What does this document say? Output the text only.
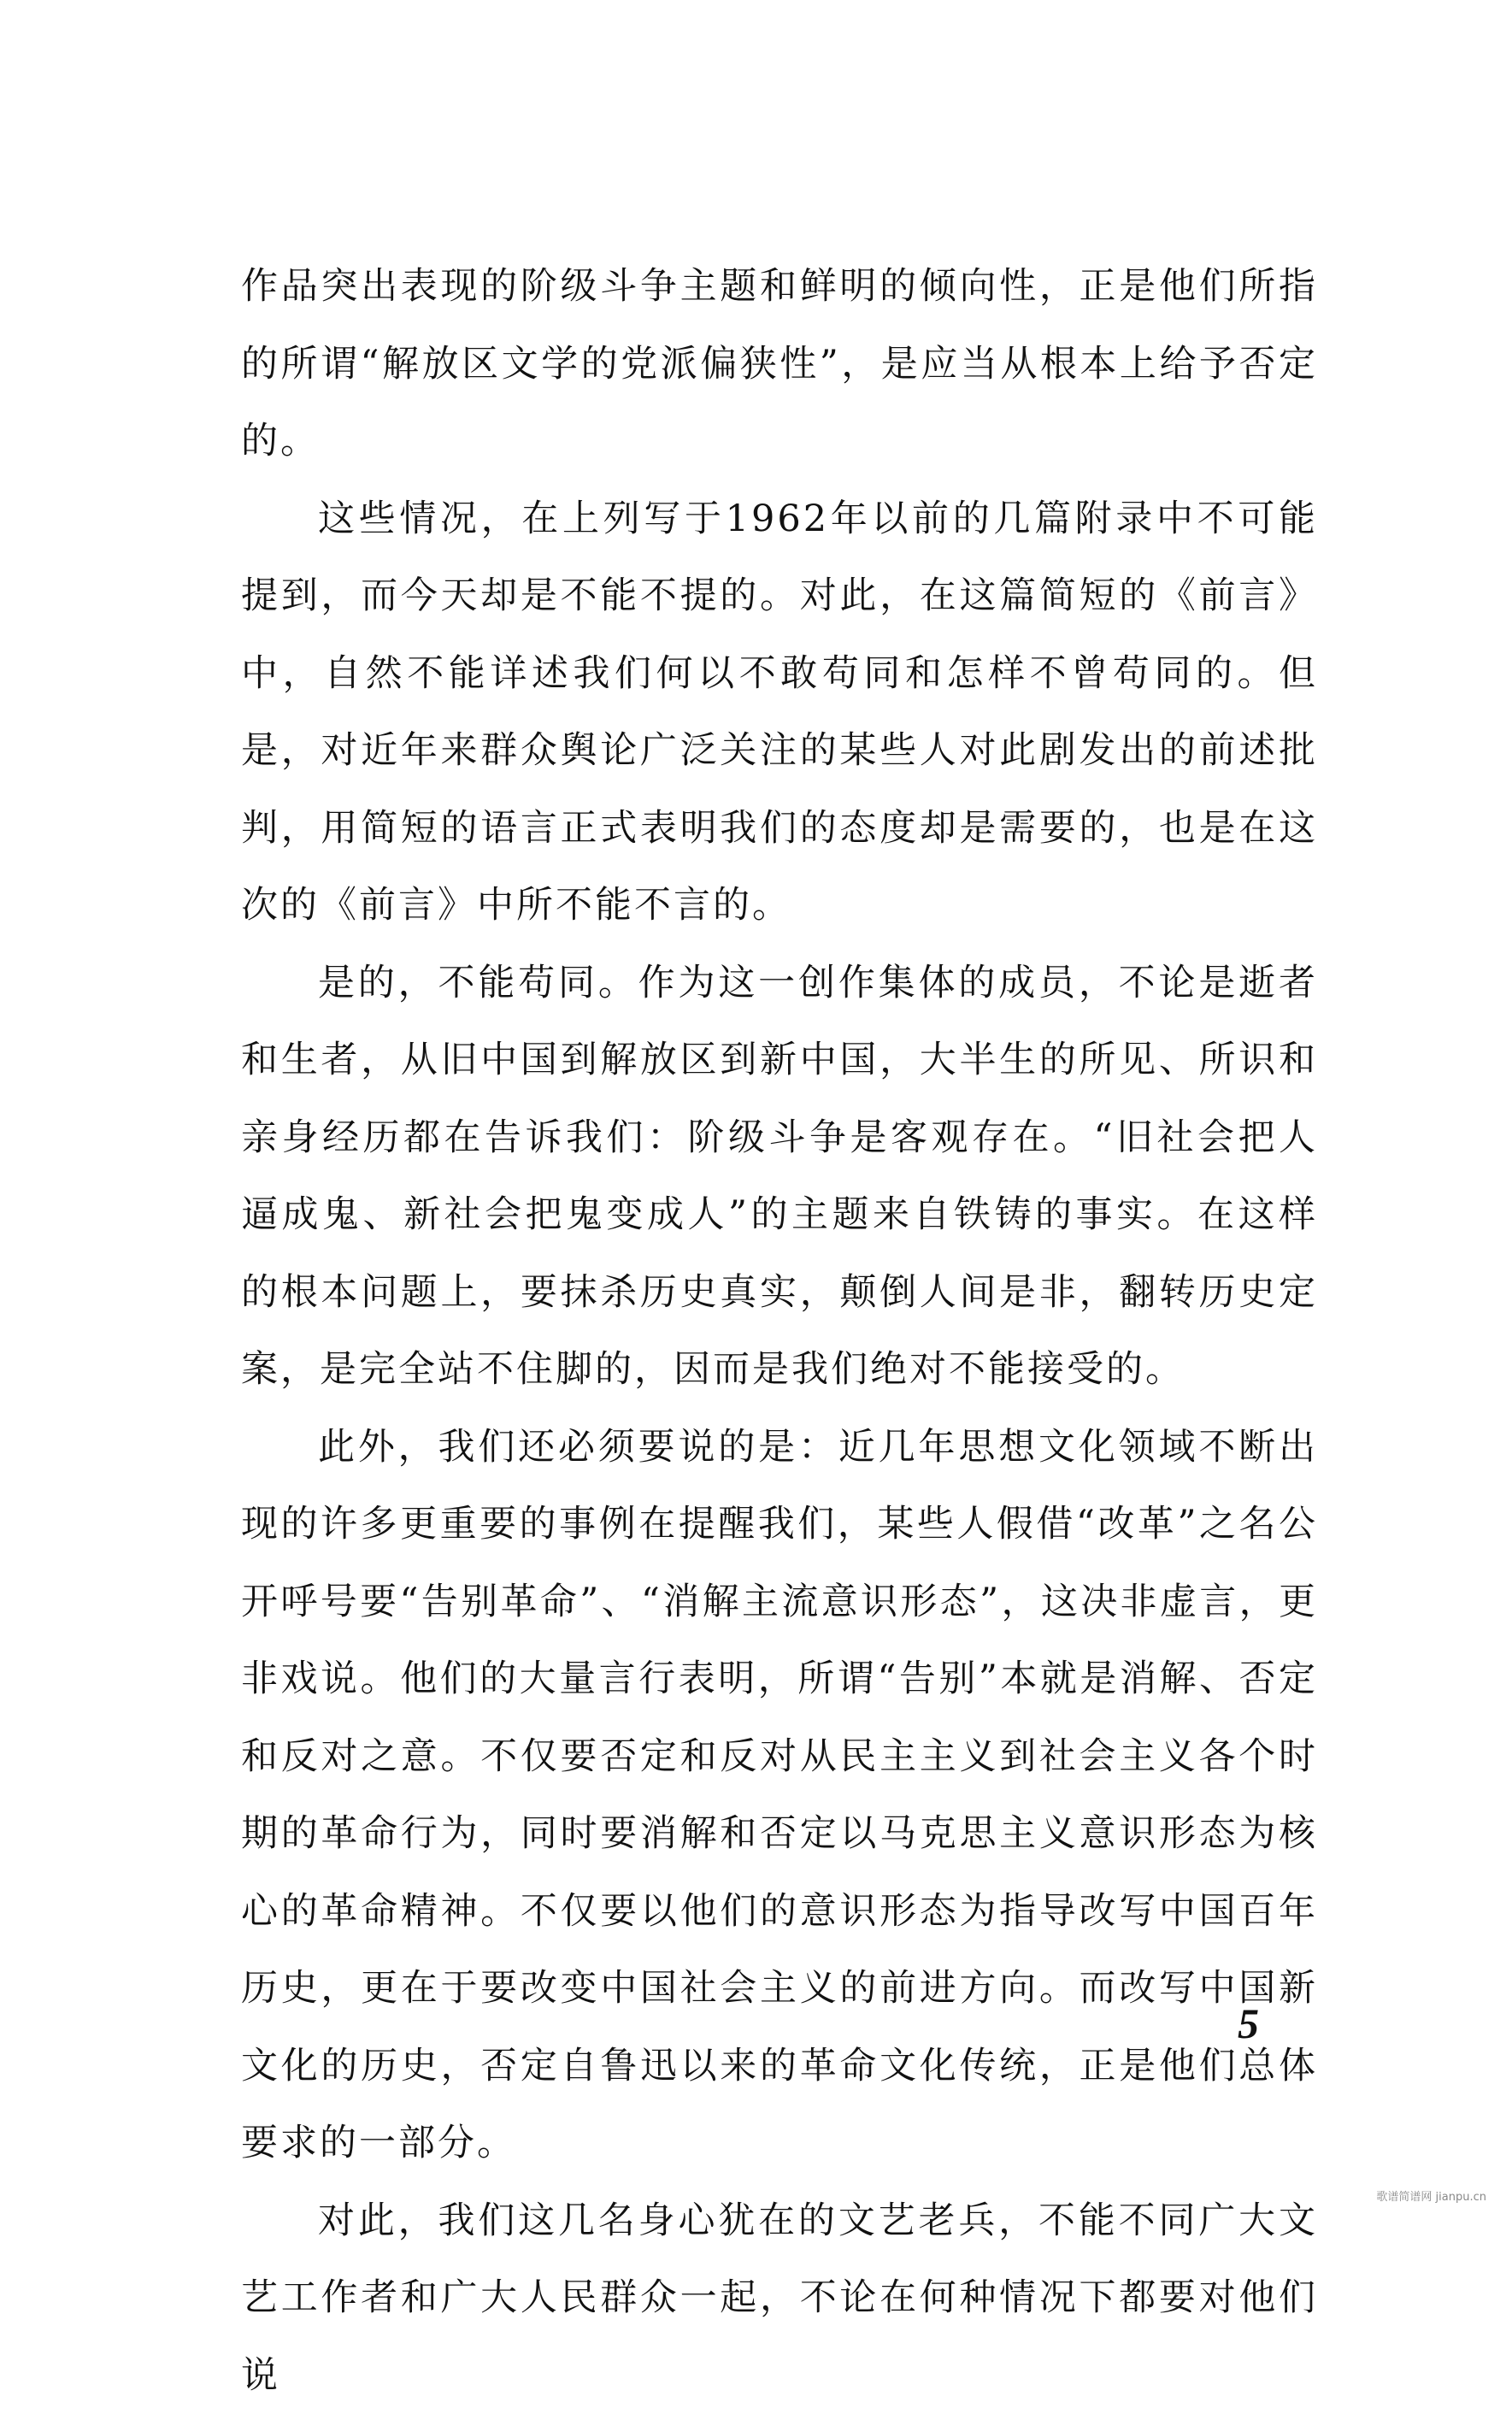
作品突出表现的阶级斗争主题和鲜明的倾向性，正是他们所指的所谓“解放区文学的党派偏狭性”，是应当从根本上给予否定的。

这些情况，在上列写于1962年以前的几篇附录中不可能提到，而今天却是不能不提的。对此，在这篇简短的《前言》中，自然不能详述我们何以不敢苟同和怎样不曾苟同的。但是，对近年来群众舆论广泛关注的某些人对此剧发出的前述批判，用简短的语言正式表明我们的态度却是需要的，也是在这次的《前言》中所不能不言的。

是的，不能苟同。作为这一创作集体的成员，不论是逝者和生者，从旧中国到解放区到新中国，大半生的所见、所识和亲身经历都在告诉我们：阶级斗争是客观存在。“旧社会把人逼成鬼、新社会把鬼变成人”的主题来自铁铸的事实。在这样的根本问题上，要抹杀历史真实，颠倒人间是非，翻转历史定案，是完全站不住脚的，因而是我们绝对不能接受的。

此外，我们还必须要说的是：近几年思想文化领域不断出现的许多更重要的事例在提醒我们，某些人假借“改革”之名公开呼号要“告别革命”、“消解主流意识形态”，这决非虚言，更非戏说。他们的大量言行表明，所谓“告别”本就是消解、否定和反对之意。不仅要否定和反对从民主主义到社会主义各个时期的革命行为，同时要消解和否定以马克思主义意识形态为核心的革命精神。不仅要以他们的意识形态为指导改写中国百年历史，更在于要改变中国社会主义的前进方向。而改写中国新文化的历史，否定自鲁迅以来的革命文化传统，正是他们总体要求的一部分。

对此，我们这几名身心犹在的文艺老兵，不能不同广大文艺工作者和广大人民群众一起，不论在何种情况下都要对他们说

5
歌谱简谱网 jianpu.cn
